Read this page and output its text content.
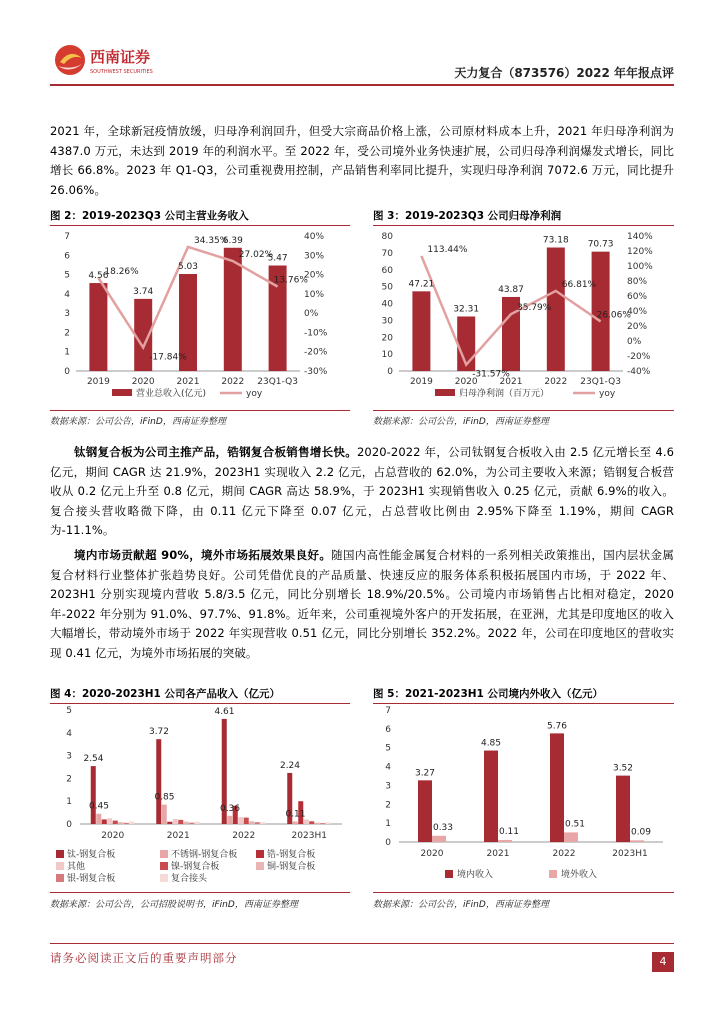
西南证券
SOUTHWEST SECURITIES	天力复合（873576）2022 年年报点评
2021 年，全球新冠疫情放缓，归母净利润回升，但受大宗商品价格上涨，公司原材料成本上升，2021 年归母净利润为 4387.0 万元，未达到 2019 年的利润水平。至 2022 年，受公司境外业务快速扩展，公司归母净利润爆发式增长，同比增长 66.8%。2023 年 Q1-Q3，公司重视费用控制，产品销售利率同比提升，实现归母净利润 7072.6 万元，同比提升 26.06%。
图 2：2019-2023Q3 公司主营业务收入
0
1
2
3
4
5
6
7
-30%
-20%
-10%
0%
10%
20%
30%
40%
2019 2020 2021 2022 23Q1-Q3
4.56
18.26%
3.74
-17.84%
5.03
34.35%
6.39
27.02%
5.47
13.76%
营业总收入(亿元)	yoy
数据来源：公司公告，iFinD，西南证券整理
图 3：2019-2023Q3 公司归母净利润
0
10
20
30
40
50
60
70
80
-40%
-20%
0%
20%
40%
60%
80%
100%
120%
140%
2019 2020 2021 2022 23Q1-Q3
47.21
113.44%
32.31
-31.57%
43.87
35.79%
73.18
66.81%
70.73
26.06%
归母净利润（百万元）	yoy
数据来源：公司公告，iFinD，西南证券整理
钛钢复合板为公司主推产品，锆钢复合板销售增长快。2020-2022 年，公司钛钢复合板收入由 2.5 亿元增长至 4.6 亿元，期间 CAGR 达 21.9%，2023H1 实现收入 2.2 亿元，占总营收的 62.0%，为公司主要收入来源；锆钢复合板营收从 0.2 亿元上升至 0.8 亿元，期间 CAGR 高达 58.9%，于 2023H1 实现销售收入 0.25 亿元，贡献 6.9%的收入。复合接头营收略微下降，由 0.11 亿元下降至 0.07 亿元，占总营收比例由 2.95%下降至 1.19%，期间 CAGR 为-11.1%。
境内市场贡献超 90%，境外市场拓展效果良好。随国内高性能金属复合材料的一系列相关政策推出，国内层状金属复合材料行业整体扩张趋势良好。公司凭借优良的产品质量、快速反应的服务体系积极拓展国内市场，于 2022 年、2023H1 分别实现境内营收 5.8/3.5 亿元，同比分别增长 18.9%/20.5%。公司境内市场销售占比相对稳定，2020 年-2022 年分别为 91.0%、97.7%、91.8%。近年来，公司重视境外客户的开发拓展，在亚洲，尤其是印度地区的收入大幅增长，带动境外市场于 2022 年实现营收 0.51 亿元，同比分别增长 352.2%。2022 年，公司在印度地区的营收实现 0.41 亿元，为境外市场拓展的突破。
图 4：2020-2023H1 公司各产品收入（亿元）
0
1
2
3
4
5
2020	2021	2022	2023H1
2.54
3.72
4.61
2.24
0.45
0.85
0.36
0.11
钛-钢复合板	不锈钢-钢复合板	锆-钢复合板
其他	镍-钢复合板	铜-钢复合板
银-钢复合板	复合接头
数据来源：公司公告，公司招股说明书，iFinD，西南证券整理
图 5：2021-2023H1 公司境内外收入（亿元）
0
1
2
3
4
5
6
7
3.27
0.33
2020
4.85
0.11
2021
5.76
0.51
2022
3.52
0.09
2023H1
境内收入	境外收入
数据来源：公司公告，iFinD，西南证券整理
请务必阅读正文后的重要声明部分	4
